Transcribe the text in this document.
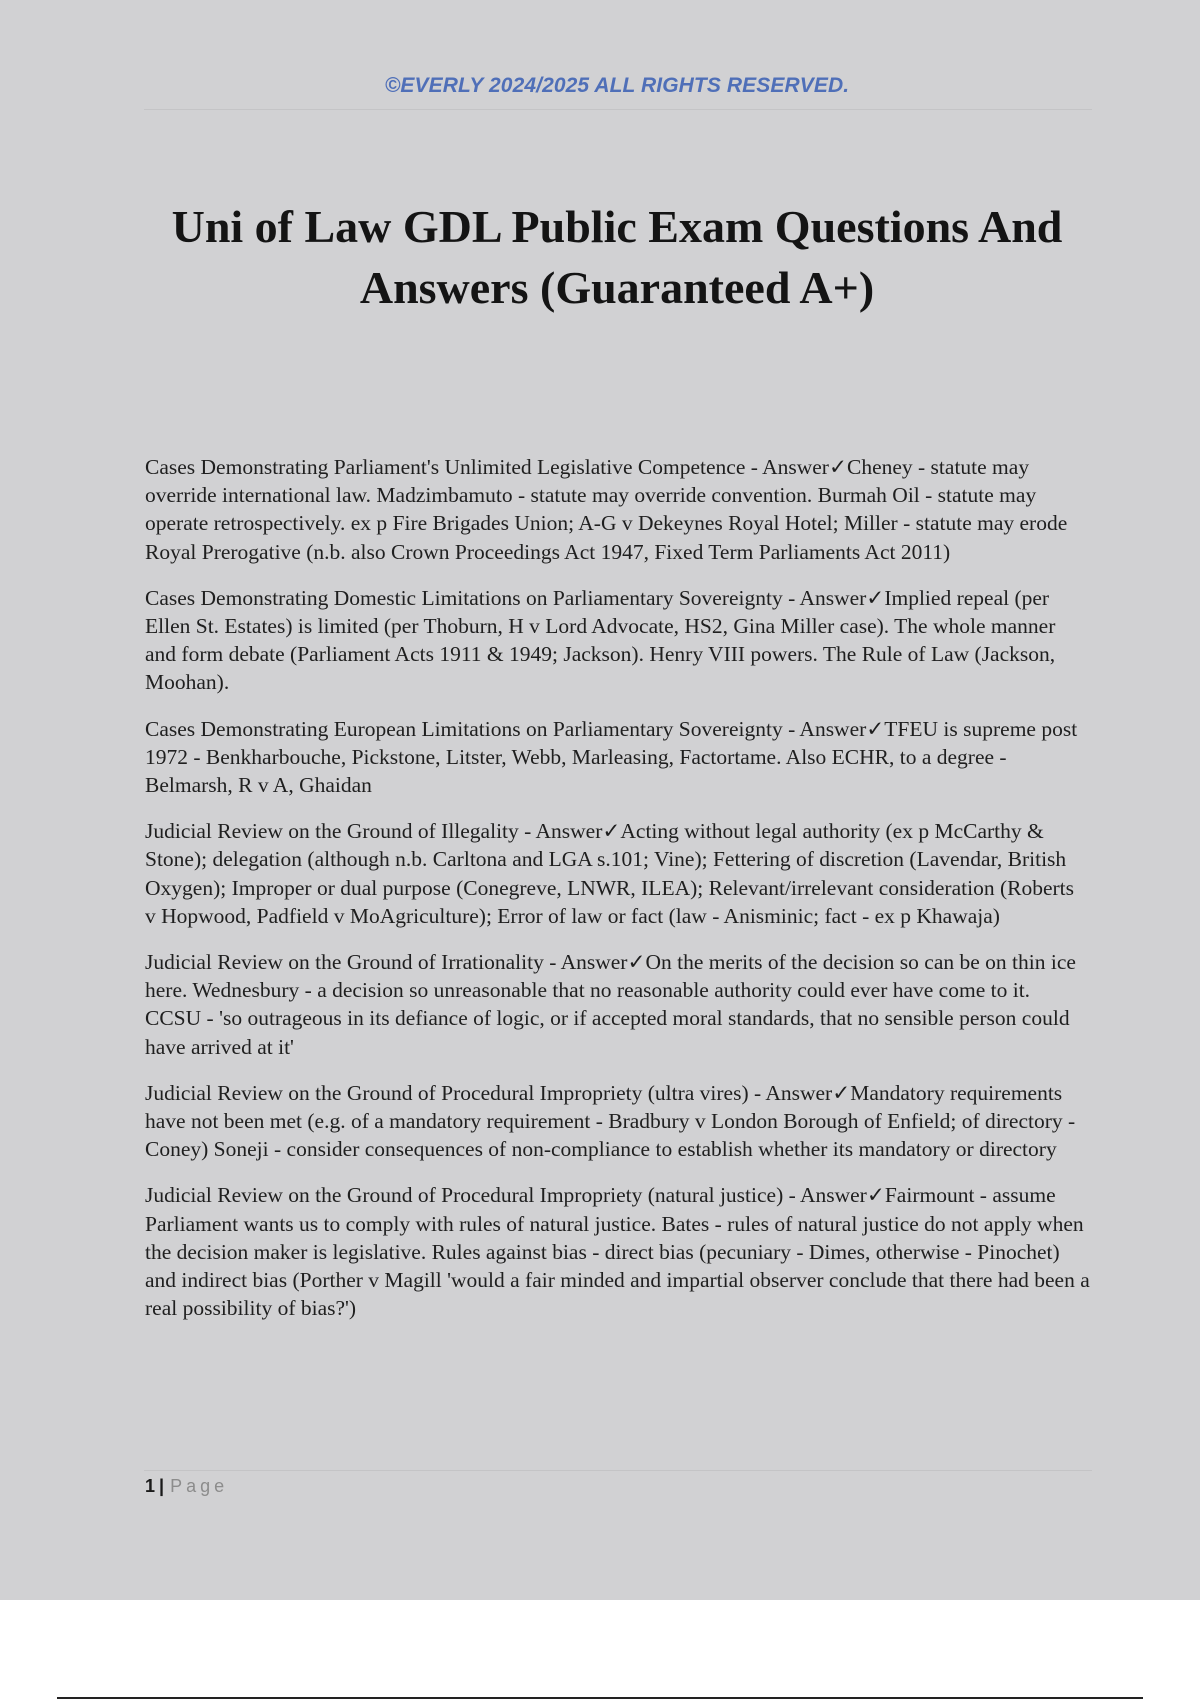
©EVERLY 2024/2025 ALL RIGHTS RESERVED.
Uni of Law GDL Public Exam Questions And Answers (Guaranteed A+)

Cases Demonstrating Parliament's Unlimited Legislative Competence - Answer✓Cheney - statute may override international law. Madzimbamuto - statute may override convention. Burmah Oil - statute may operate retrospectively. ex p Fire Brigades Union; A-G v Dekeynes Royal Hotel; Miller - statute may erode Royal Prerogative (n.b. also Crown Proceedings Act 1947, Fixed Term Parliaments Act 2011)

Cases Demonstrating Domestic Limitations on Parliamentary Sovereignty - Answer✓Implied repeal (per Ellen St. Estates) is limited (per Thoburn, H v Lord Advocate, HS2, Gina Miller case). The whole manner and form debate (Parliament Acts 1911 & 1949; Jackson). Henry VIII powers. The Rule of Law (Jackson, Moohan).

Cases Demonstrating European Limitations on Parliamentary Sovereignty - Answer✓TFEU is supreme post 1972 - Benkharbouche, Pickstone, Litster, Webb, Marleasing, Factortame. Also ECHR, to a degree - Belmarsh, R v A, Ghaidan

Judicial Review on the Ground of Illegality - Answer✓Acting without legal authority (ex p McCarthy & Stone); delegation (although n.b. Carltona and LGA s.101; Vine); Fettering of discretion (Lavendar, British Oxygen); Improper or dual purpose (Conegreve, LNWR, ILEA); Relevant/irrelevant consideration (Roberts v Hopwood, Padfield v MoAgriculture); Error of law or fact (law - Anisminic; fact - ex p Khawaja)

Judicial Review on the Ground of Irrationality - Answer✓On the merits of the decision so can be on thin ice here. Wednesbury - a decision so unreasonable that no reasonable authority could ever have come to it. CCSU - 'so outrageous in its defiance of logic, or if accepted moral standards, that no sensible person could have arrived at it'

Judicial Review on the Ground of Procedural Impropriety (ultra vires) - Answer✓Mandatory requirements have not been met (e.g. of a mandatory requirement - Bradbury v London Borough of Enfield; of directory - Coney) Soneji - consider consequences of non-compliance to establish whether its mandatory or directory

Judicial Review on the Ground of Procedural Impropriety (natural justice) - Answer✓Fairmount - assume Parliament wants us to comply with rules of natural justice. Bates - rules of natural justice do not apply when the decision maker is legislative. Rules against bias - direct bias (pecuniary - Dimes, otherwise - Pinochet) and indirect bias (Porther v Magill 'would a fair minded and impartial observer conclude that there had been a real possibility of bias?')

1 | Page
